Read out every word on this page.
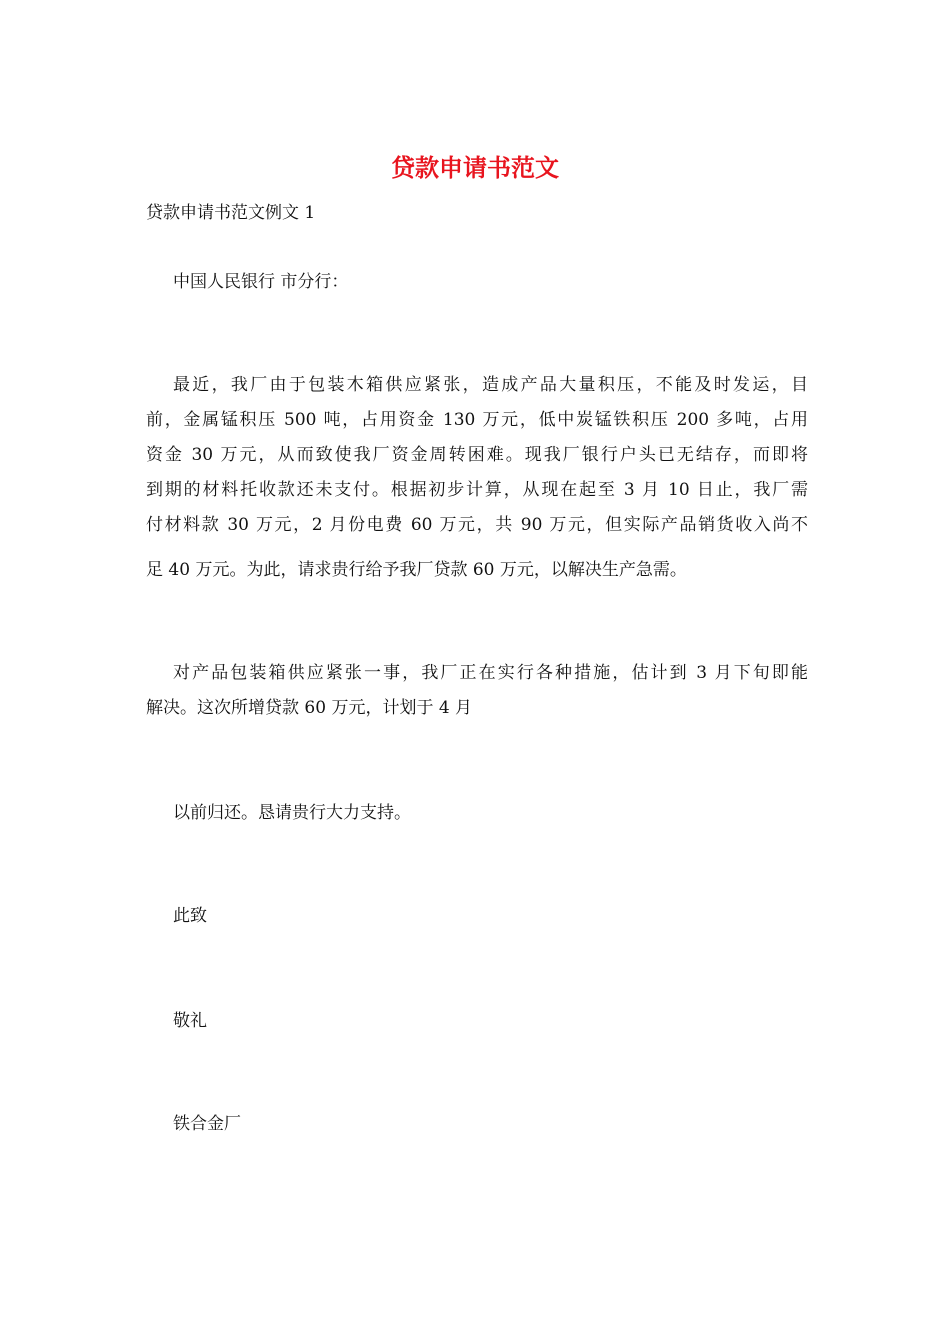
贷款申请书范文
贷款申请书范文例文 1
中国人民银行 市分行：
最近，我厂由于包装木箱供应紧张，造成产品大量积压，不能及时发运，目
前，金属锰积压 500 吨，占用资金 130 万元，低中炭锰铁积压 200 多吨，占用
资金 30 万元，从而致使我厂资金周转困难。现我厂银行户头已无结存，而即将
到期的材料托收款还未支付。根据初步计算，从现在起至 3 月 10 日止，我厂需
付材料款 30 万元，2 月份电费 60 万元，共 90 万元，但实际产品销货收入尚不
足 40 万元。为此，请求贵行给予我厂贷款 60 万元，以解决生产急需。
对产品包装箱供应紧张一事，我厂正在实行各种措施，估计到 3 月下旬即能
解决。这次所增贷款 60 万元，计划于 4 月
以前归还。恳请贵行大力支持。
此致
敬礼
铁合金厂
